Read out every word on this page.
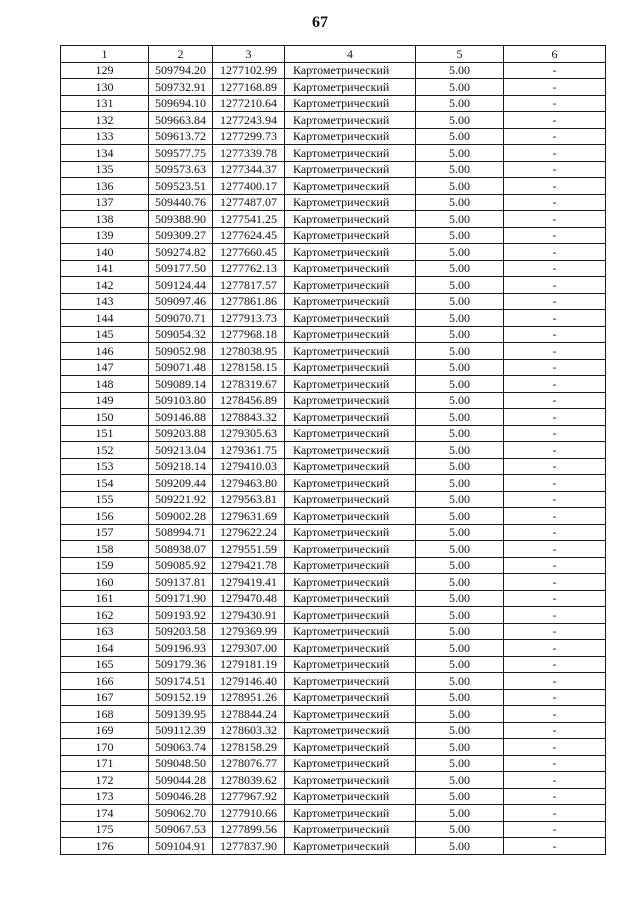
67
1	2	3	4	5	6
129	509794.20	1277102.99	Картометрический	5.00	-
130	509732.91	1277168.89	Картометрический	5.00	-
131	509694.10	1277210.64	Картометрический	5.00	-
132	509663.84	1277243.94	Картометрический	5.00	-
133	509613.72	1277299.73	Картометрический	5.00	-
134	509577.75	1277339.78	Картометрический	5.00	-
135	509573.63	1277344.37	Картометрический	5.00	-
136	509523.51	1277400.17	Картометрический	5.00	-
137	509440.76	1277487.07	Картометрический	5.00	-
138	509388.90	1277541.25	Картометрический	5.00	-
139	509309.27	1277624.45	Картометрический	5.00	-
140	509274.82	1277660.45	Картометрический	5.00	-
141	509177.50	1277762.13	Картометрический	5.00	-
142	509124.44	1277817.57	Картометрический	5.00	-
143	509097.46	1277861.86	Картометрический	5.00	-
144	509070.71	1277913.73	Картометрический	5.00	-
145	509054.32	1277968.18	Картометрический	5.00	-
146	509052.98	1278038.95	Картометрический	5.00	-
147	509071.48	1278158.15	Картометрический	5.00	-
148	509089.14	1278319.67	Картометрический	5.00	-
149	509103.80	1278456.89	Картометрический	5.00	-
150	509146.88	1278843.32	Картометрический	5.00	-
151	509203.88	1279305.63	Картометрический	5.00	-
152	509213.04	1279361.75	Картометрический	5.00	-
153	509218.14	1279410.03	Картометрический	5.00	-
154	509209.44	1279463.80	Картометрический	5.00	-
155	509221.92	1279563.81	Картометрический	5.00	-
156	509002.28	1279631.69	Картометрический	5.00	-
157	508994.71	1279622.24	Картометрический	5.00	-
158	508938.07	1279551.59	Картометрический	5.00	-
159	509085.92	1279421.78	Картометрический	5.00	-
160	509137.81	1279419.41	Картометрический	5.00	-
161	509171.90	1279470.48	Картометрический	5.00	-
162	509193.92	1279430.91	Картометрический	5.00	-
163	509203.58	1279369.99	Картометрический	5.00	-
164	509196.93	1279307.00	Картометрический	5.00	-
165	509179.36	1279181.19	Картометрический	5.00	-
166	509174.51	1279146.40	Картометрический	5.00	-
167	509152.19	1278951.26	Картометрический	5.00	-
168	509139.95	1278844.24	Картометрический	5.00	-
169	509112.39	1278603.32	Картометрический	5.00	-
170	509063.74	1278158.29	Картометрический	5.00	-
171	509048.50	1278076.77	Картометрический	5.00	-
172	509044.28	1278039.62	Картометрический	5.00	-
173	509046.28	1277967.92	Картометрический	5.00	-
174	509062.70	1277910.66	Картометрический	5.00	-
175	509067.53	1277899.56	Картометрический	5.00	-
176	509104.91	1277837.90	Картометрический	5.00	-
